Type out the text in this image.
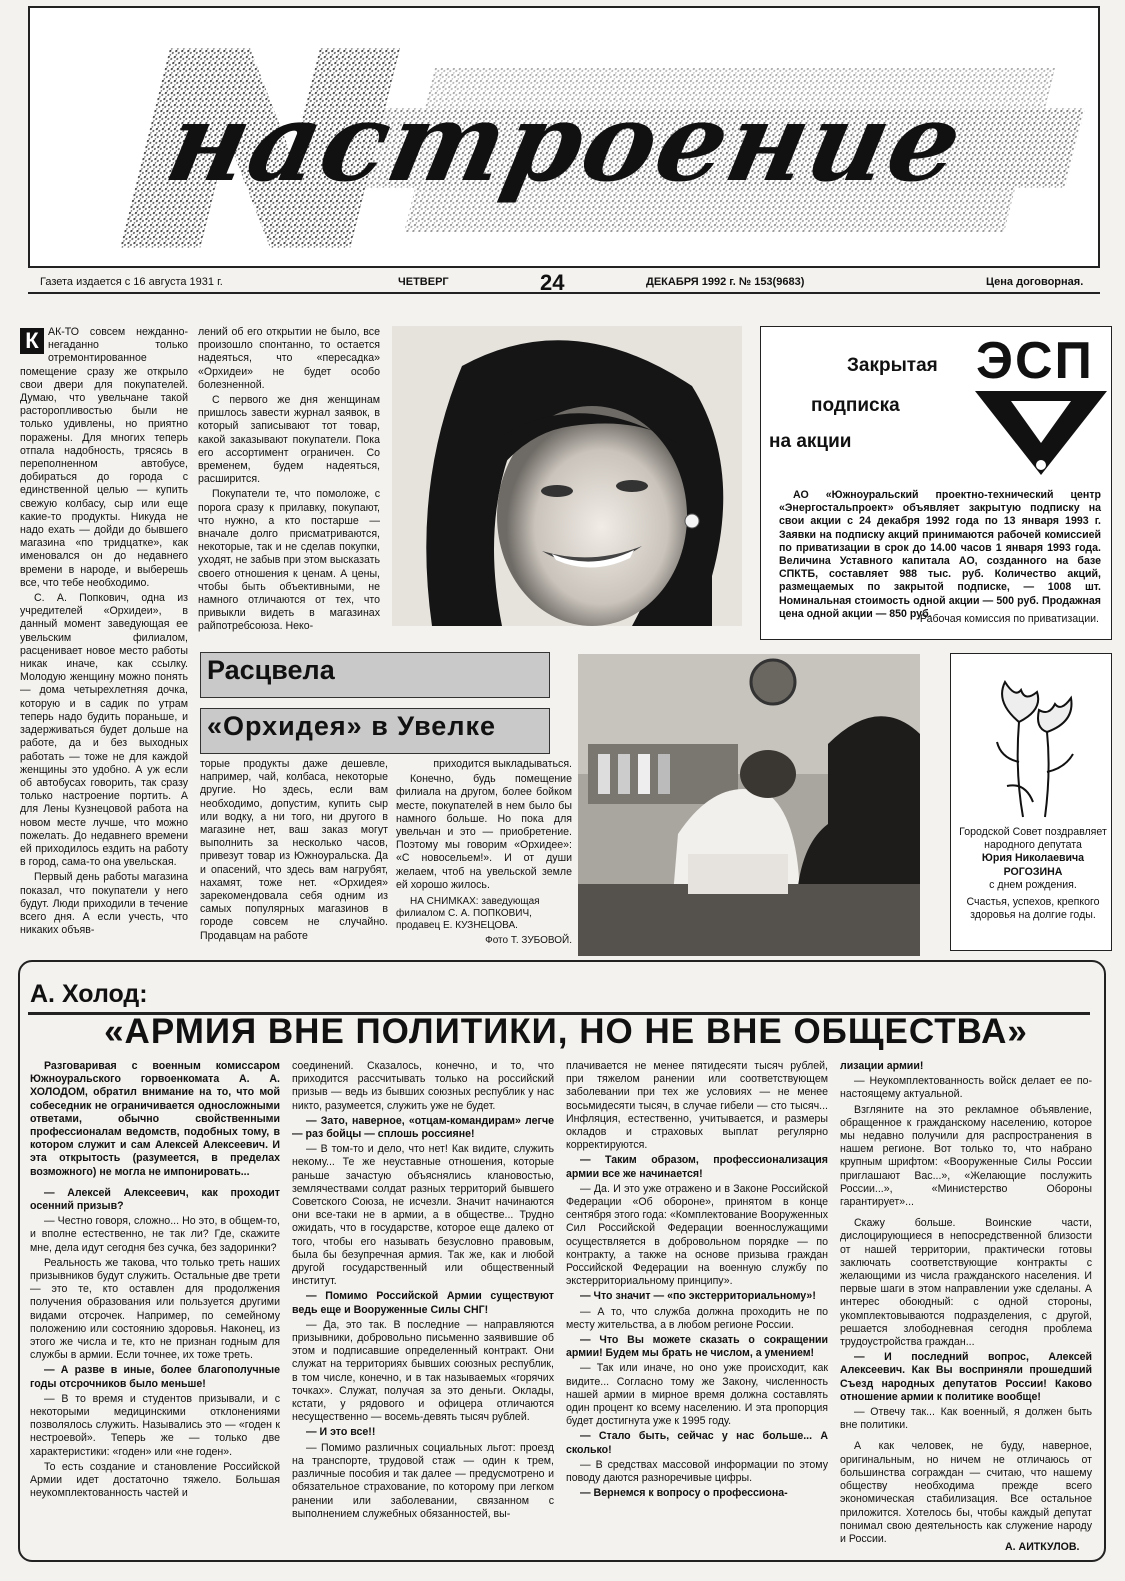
настроение
Газета издается с 16 августа 1931 г.	ЧЕТВЕРГ	24	ДЕКАБРЯ 1992 г. № 153(9683)	Цена договорная.
К АК-ТО совсем нежданно-негаданно только отремонтированное помещение сразу же открыло свои двери для покупателей. Думаю, что увельчане такой расторопливостью были не только удивлены, но приятно поражены. Для многих теперь отпала надобность, трясясь в переполненном автобусе, добираться до города с единственной целью — купить свежую колбасу, сыр или еще какие-то продукты. Никуда не надо ехать — дойди до бывшего магазина «по тридцатке», как именовался он до недавнего времени в народе, и выберешь все, что тебе необходимо.

С. А. Попкович, одна из учредителей «Орхидеи», в данный момент заведующая ее увельским филиалом, расценивает новое место работы никак иначе, как ссылку. Молодую женщину можно понять — дома четырехлетняя дочка, которую и в садик по утрам теперь надо будить пораньше, и задерживаться будет дольше на работе, да и без выходных работать — тоже не для каждой женщины это удобно. А уж если об автобусах говорить, так сразу только настроение портить. А для Лены Кузнецовой работа на новом месте лучше, что можно пожелать. До недавнего времени ей приходилось ездить на работу в город, сама-то она увельская.

Первый день работы магазина показал, что покупатели у него будут. Люди приходили в течение всего дня. А если учесть, что никаких объяв-

лений об его открытии не было, все произошло спонтанно, то остается надеяться, что «пересадка» «Орхидеи» не будет особо болезненной.

С первого же дня женщинам пришлось завести журнал заявок, в который записывают тот товар, какой заказывают покупатели. Пока его ассортимент ограничен. Со временем, будем надеяться, расширится.

Покупатели те, что помоложе, с порога сразу к прилавку, покупают, что нужно, а кто постарше — вначале долго присматриваются, некоторые, так и не сделав покупки, уходят, не забыв при этом высказать своего отношения к ценам. А цены, чтобы быть объективными, не намного отличаются от тех, что привыкли видеть в магазинах райпотребсоюза. Неко-

Закрытая
подписка
на акции
ЭСП
АО «Южноуральский проектно-технический центр «Энергостальпроект» объявляет закрытую подписку на свои акции с 24 декабря 1992 года по 13 января 1993 г. Заявки на подписку акций принимаются рабочей комиссией по приватизации в срок до 14.00 часов 1 января 1993 года. Величина Уставного капитала АО, созданного на базе СПКТБ, составляет 988 тыс. руб. Количество акций, размещаемых по закрытой подписке, — 1008 шт. Номинальная стоимость одной акции — 500 руб. Продажная цена одной акции — 850 руб.
Рабочая комиссия по приватизации.
Расцвела
«Орхидея» в Увелке

торые продукты даже дешевле, например, чай, колбаса, некоторые другие. Но здесь, если вам необходимо, допустим, купить сыр или водку, а ни того, ни другого в магазине нет, ваш заказ могут выполнить за несколько часов, привезут товар из Южноуральска. Да и опасений, что здесь вам нагрубят, нахамят, тоже нет. «Орхидея» зарекомендовала себя одним из самых популярных магазинов в городе совсем не случайно. Продавцам на работе

приходится выкладываться.

Конечно, будь помещение филиала на другом, более бойком месте, покупателей в нем было бы намного больше. Но пока для увельчан и это — приобретение. Поэтому мы говорим «Орхидее»: «С новосельем!». И от души желаем, чтоб на увельской земле ей хорошо жилось.

НА СНИМКАХ: заведующая филиалом С. А. ПОПКОВИЧ,
продавец Е. КУЗНЕЦОВА.

Фото Т. ЗУБОВОЙ.

Городской Совет поздравляет народного депутата
Юрия Николаевича РОГОЗИНА
с днем рождения.
Счастья, успехов, крепкого здоровья на долгие годы.
А. Холод:
«АРМИЯ ВНЕ ПОЛИТИКИ, НО НЕ ВНЕ ОБЩЕСТВА»

Разговаривая с военным комиссаром Южноуральского горвоенкомата А. А. ХОЛОДОМ, обратил внимание на то, что мой собеседник не ограничивается односложными ответами, обычно свойственными профессионалам ведомств, подобных тому, в котором служит и сам Алексей Алексеевич. И эта открытость (разумеется, в пределах возможного) не могла не импонировать...

— Алексей Алексеевич, как проходит осенний призыв?

— Честно говоря, сложно... Но это, в общем-то, и вполне естественно, не так ли? Где, скажите мне, дела идут сегодня без сучка, без задоринки?

Реальность же такова, что только треть наших призывников будут служить. Остальные две трети — это те, кто оставлен для продолжения получения образования или пользуется другими видами отсрочек. Например, по семейному положению или состоянию здоровья. Наконец, из этого же числа и те, кто не признан годным для службы в армии. Если точнее, их тоже треть.

— А разве в иные, более благополучные годы отсрочников было меньше!

— В то время и студентов призывали, и с некоторыми медицинскими отклонениями позволялось служить. Назывались это — «годен к нестроевой». Теперь же — только две характеристики: «годен» или «не годен».

То есть создание и становление Российской Армии идет достаточно тяжело. Большая неукомплектованность частей и

соединений. Сказалось, конечно, и то, что приходится рассчитывать только на российский призыв — ведь из бывших союзных республик у нас никто, разумеется, служить уже не будет.

— Зато, наверное, «отцам-командирам» легче — раз бойцы — сплошь россияне!

— В том-то и дело, что нет! Как видите, служить некому... Те же неуставные отношения, которые раньше зачастую объяснялись клановостью, землячествами солдат разных территорий бывшего Советского Союза, не исчезли. Значит начинаются они все-таки не в армии, а в обществе... Трудно ожидать, что в государстве, которое еще далеко от того, чтобы его называть безусловно правовым, была бы безупречная армия. Так же, как и любой другой государственный или общественный институт.

— Помимо Российской Армии существуют ведь еще и Вооруженные Силы СНГ!

— Да, это так. В последние — направляются призывники, добровольно письменно заявившие об этом и подписавшие определенный контракт. Они служат на территориях бывших союзных республик, в том числе, конечно, и в так называемых «горячих точках». Служат, получая за это деньги. Оклады, кстати, у рядового и офицера отличаются несущественно — восемь-девять тысяч рублей.

— И это все!!

— Помимо различных социальных льгот: проезд на транспорте, трудовой стаж — один к трем, различные пособия и так далее — предусмотрено и обязательное страхование, по которому при легком ранении или заболевании, связанном с выполнением служебных обязанностей, вы-

плачивается не менее пятидесяти тысяч рублей, при тяжелом ранении или соответствующем заболевании при тех же условиях — не менее восьмидесяти тысяч, в случае гибели — сто тысяч... Инфляция, естественно, учитывается, и размеры окладов и страховых выплат регулярно корректируются.

— Таким образом, профессионализация армии все же начинается!

— Да. И это уже отражено и в Законе Российской Федерации «Об обороне», принятом в конце сентября этого года: «Комплектование Вооруженных Сил Российской Федерации военнослужащими осуществляется в добровольном порядке — по контракту, а также на основе призыва граждан Российской Федерации на военную службу по экстерриториальному принципу».

— Что значит — «по экстерриториальному»!

— А то, что служба должна проходить не по месту жительства, а в любом регионе России.

— Что Вы можете сказать о сокращении армии! Будем мы брать не числом, а умением!

— Так или иначе, но оно уже происходит, как видите... Согласно тому же Закону, численность нашей армии в мирное время должна составлять один процент ко всему населению. И эта пропорция будет достигнута уже к 1995 году.

— Стало быть, сейчас у нас больше... А сколько!

— В средствах массовой информации по этому поводу даются разноречивые цифры.

— Вернемся к вопросу о профессиона-

лизации армии!

— Неукомплектованность войск делает ее по-настоящему актуальной.

Взгляните на это рекламное объявление, обращенное к гражданскому населению, которое мы недавно получили для распространения в нашем регионе. Вот только то, что набрано крупным шрифтом: «Вооруженные Силы России приглашают Вас...», «Желающие послужить России...», «Министерство Обороны гарантирует»...

Скажу больше. Воинские части, дислоцирующиеся в непосредственной близости от нашей территории, практически готовы заключать соответствующие контракты с желающими из числа гражданского населения. И первые шаги в этом направлении уже сделаны. А интерес обоюдный: с одной стороны, укомплектовываются подразделения, с другой, решается злободневная сегодня проблема трудоустройства граждан...

— И последний вопрос, Алексей Алексеевич. Как Вы восприняли прошедший Съезд народных депутатов России! Каково отношение армии к политике вообще!

— Отвечу так... Как военный, я должен быть вне политики.

А как человек, не буду, наверное, оригинальным, но ничем не отличаюсь от большинства сограждан — считаю, что нашему обществу необходима прежде всего экономическая стабилизация. Все остальное приложится. Хотелось бы, чтобы каждый депутат понимал свою деятельность как служение народу и России.

А. АИТКУЛОВ.
